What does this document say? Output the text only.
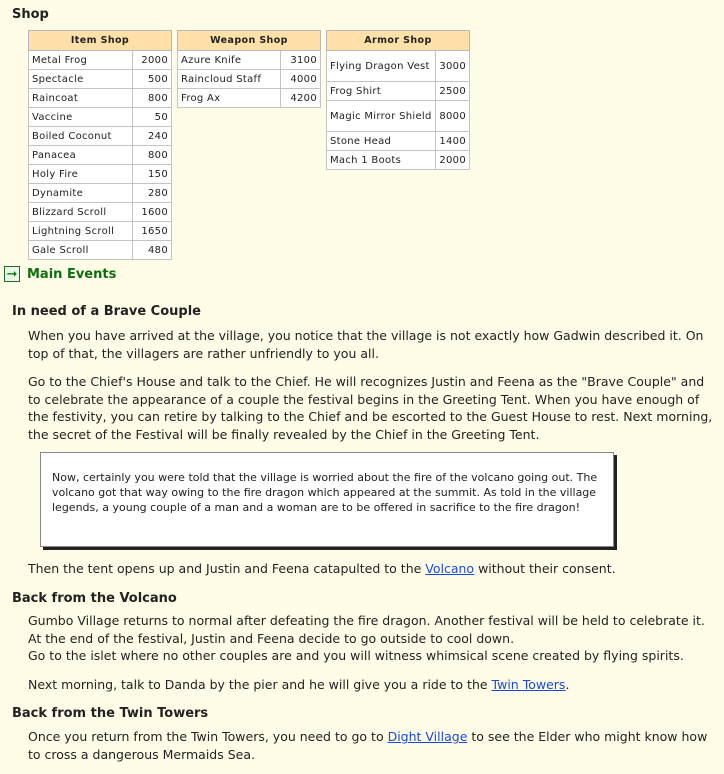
Shop
Item Shop	
Metal Frog	2000
Spectacle	500
Raincoat	800
Vaccine	50
Boiled Coconut	240
Panacea	800
Holy Fire	150
Dynamite	280
Blizzard Scroll	1600
Lightning Scroll	1650
Gale Scroll	480
Weapon Shop	
Azure Knife	3100
Raincloud Staff	4000
Frog Ax	4200
Armor Shop	
Flying Dragon Vest	3000
Frog Shirt	2500
Magic Mirror Shield	8000
Stone Head	1400
Mach 1 Boots	2000
➞ Main Events
In need of a Brave Couple
When you have arrived at the village, you notice that the village is not exactly how Gadwin described it. On top of that, the villagers are rather unfriendly to you all.
Go to the Chief's House and talk to the Chief. He will recognizes Justin and Feena as the "Brave Couple" and to celebrate the appearance of a couple the festival begins in the Greeting Tent. When you have enough of the festivity, you can retire by talking to the Chief and be escorted to the Guest House to rest. Next morning, the secret of the Festival will be finally revealed by the Chief in the Greeting Tent.
Now, certainly you were told that the village is worried about the fire of the volcano going out. The volcano got that way owing to the fire dragon which appeared at the summit. As told in the village legends, a young couple of a man and a woman are to be offered in sacrifice to the fire dragon!
Then the tent opens up and Justin and Feena catapulted to the Volcano without their consent.
Back from the Volcano
Gumbo Village returns to normal after defeating the fire dragon. Another festival will be held to celebrate it. At the end of the festival, Justin and Feena decide to go outside to cool down.
Go to the islet where no other couples are and you will witness whimsical scene created by flying spirits.
Next morning, talk to Danda by the pier and he will give you a ride to the Twin Towers.
Back from the Twin Towers
Once you return from the Twin Towers, you need to go to Dight Village to see the Elder who might know how to cross a dangerous Mermaids Sea.
